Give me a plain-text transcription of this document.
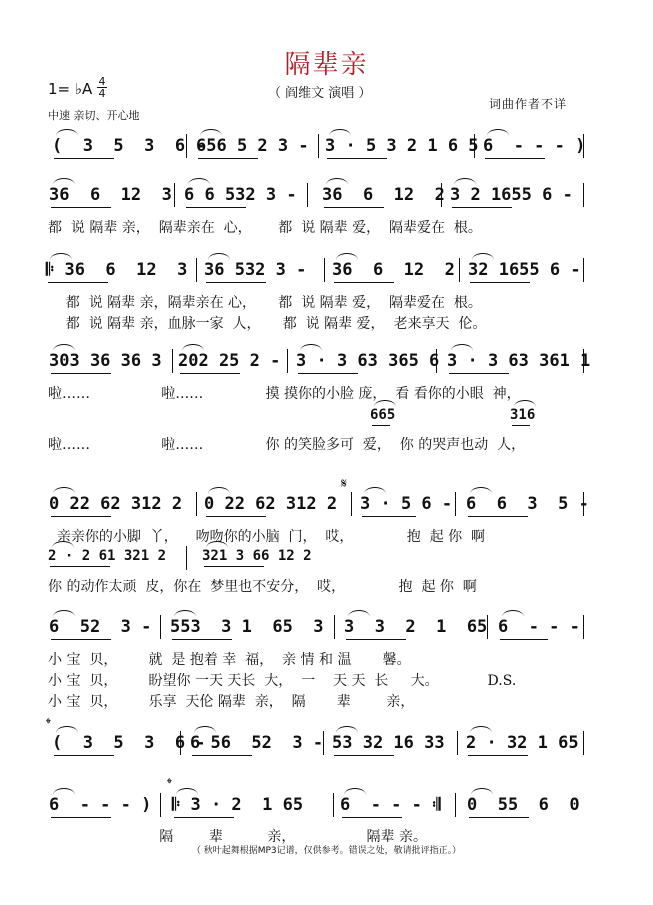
隔辈亲
1= ♭A 4
4
中速 亲切、开心地
（ 阎维文 演唱 ）
词曲作者不详
(  3  5  3  6 -
656 5 2 3 - 3 · 5 3 2 1 6 5 6  - - - )
36  6  12  3 6 6 532 3 - 36  6  12  2 3 2 1655 6 -
都  说 隔辈 亲，  隔辈亲在  心，      都  说 隔辈 爱，  隔辈爱在  根。
𝄆 36  6  12  3 36 532 3 - 36  6  12  2 32 1655 6 -
都  说 隔辈 亲，隔辈亲在 心，     都  说 隔辈 爱，  隔辈爱在  根。
都  说 隔辈 亲，血脉一家  人，     都  说 隔辈 爱，  老来享天  伦。
303 36 36 3 202 25 2 - 3 · 3 63 365 6 3 · 3 63 361 1
啦……                啦……              摸 摸你的小脸 庞，  看 看你的小眼  神，
665	316
啦……                啦……              你 的笑脸多可  爱，  你 的哭声也动  人，
0 22 62 312 2 0 22 62 312 2 3 · 5 6 - 6  6  3  5 -
亲亲你的小脚  丫，    吻吻你的小脑  门，  哎，            抱  起 你  啊
2 · 2 61 321 2	321 3 66 12 2
你 的动作太顽  皮，你在  梦里也不安分，  哎，            抱  起 你  啊
6  52  3 - 553  3 1  65  3 3  3  2  1  65 6  - - -
小 宝  贝，       就  是 抱着 幸  福，  亲 情 和 温       馨。
小 宝  贝，       盼望你 一天 天长  大，  一    天 天  长     大。           D.S.
小 宝  贝，       乐享  天伦 隔辈  亲，  隔       辈        亲，
(  3  5  3  6 -
6 56  52  3 - 53 32 16 33 2 · 32 1 65
6  - - - ) 𝄆 3 · 2  1 65 6  - - - 𝄇 0  55  6  0
隔        辈          亲，                隔辈 亲。
𝄋
𝄌
𝄌
（ 秋叶起舞根据MP3记谱，仅供参考。错误之处，敬请批评指正。）
